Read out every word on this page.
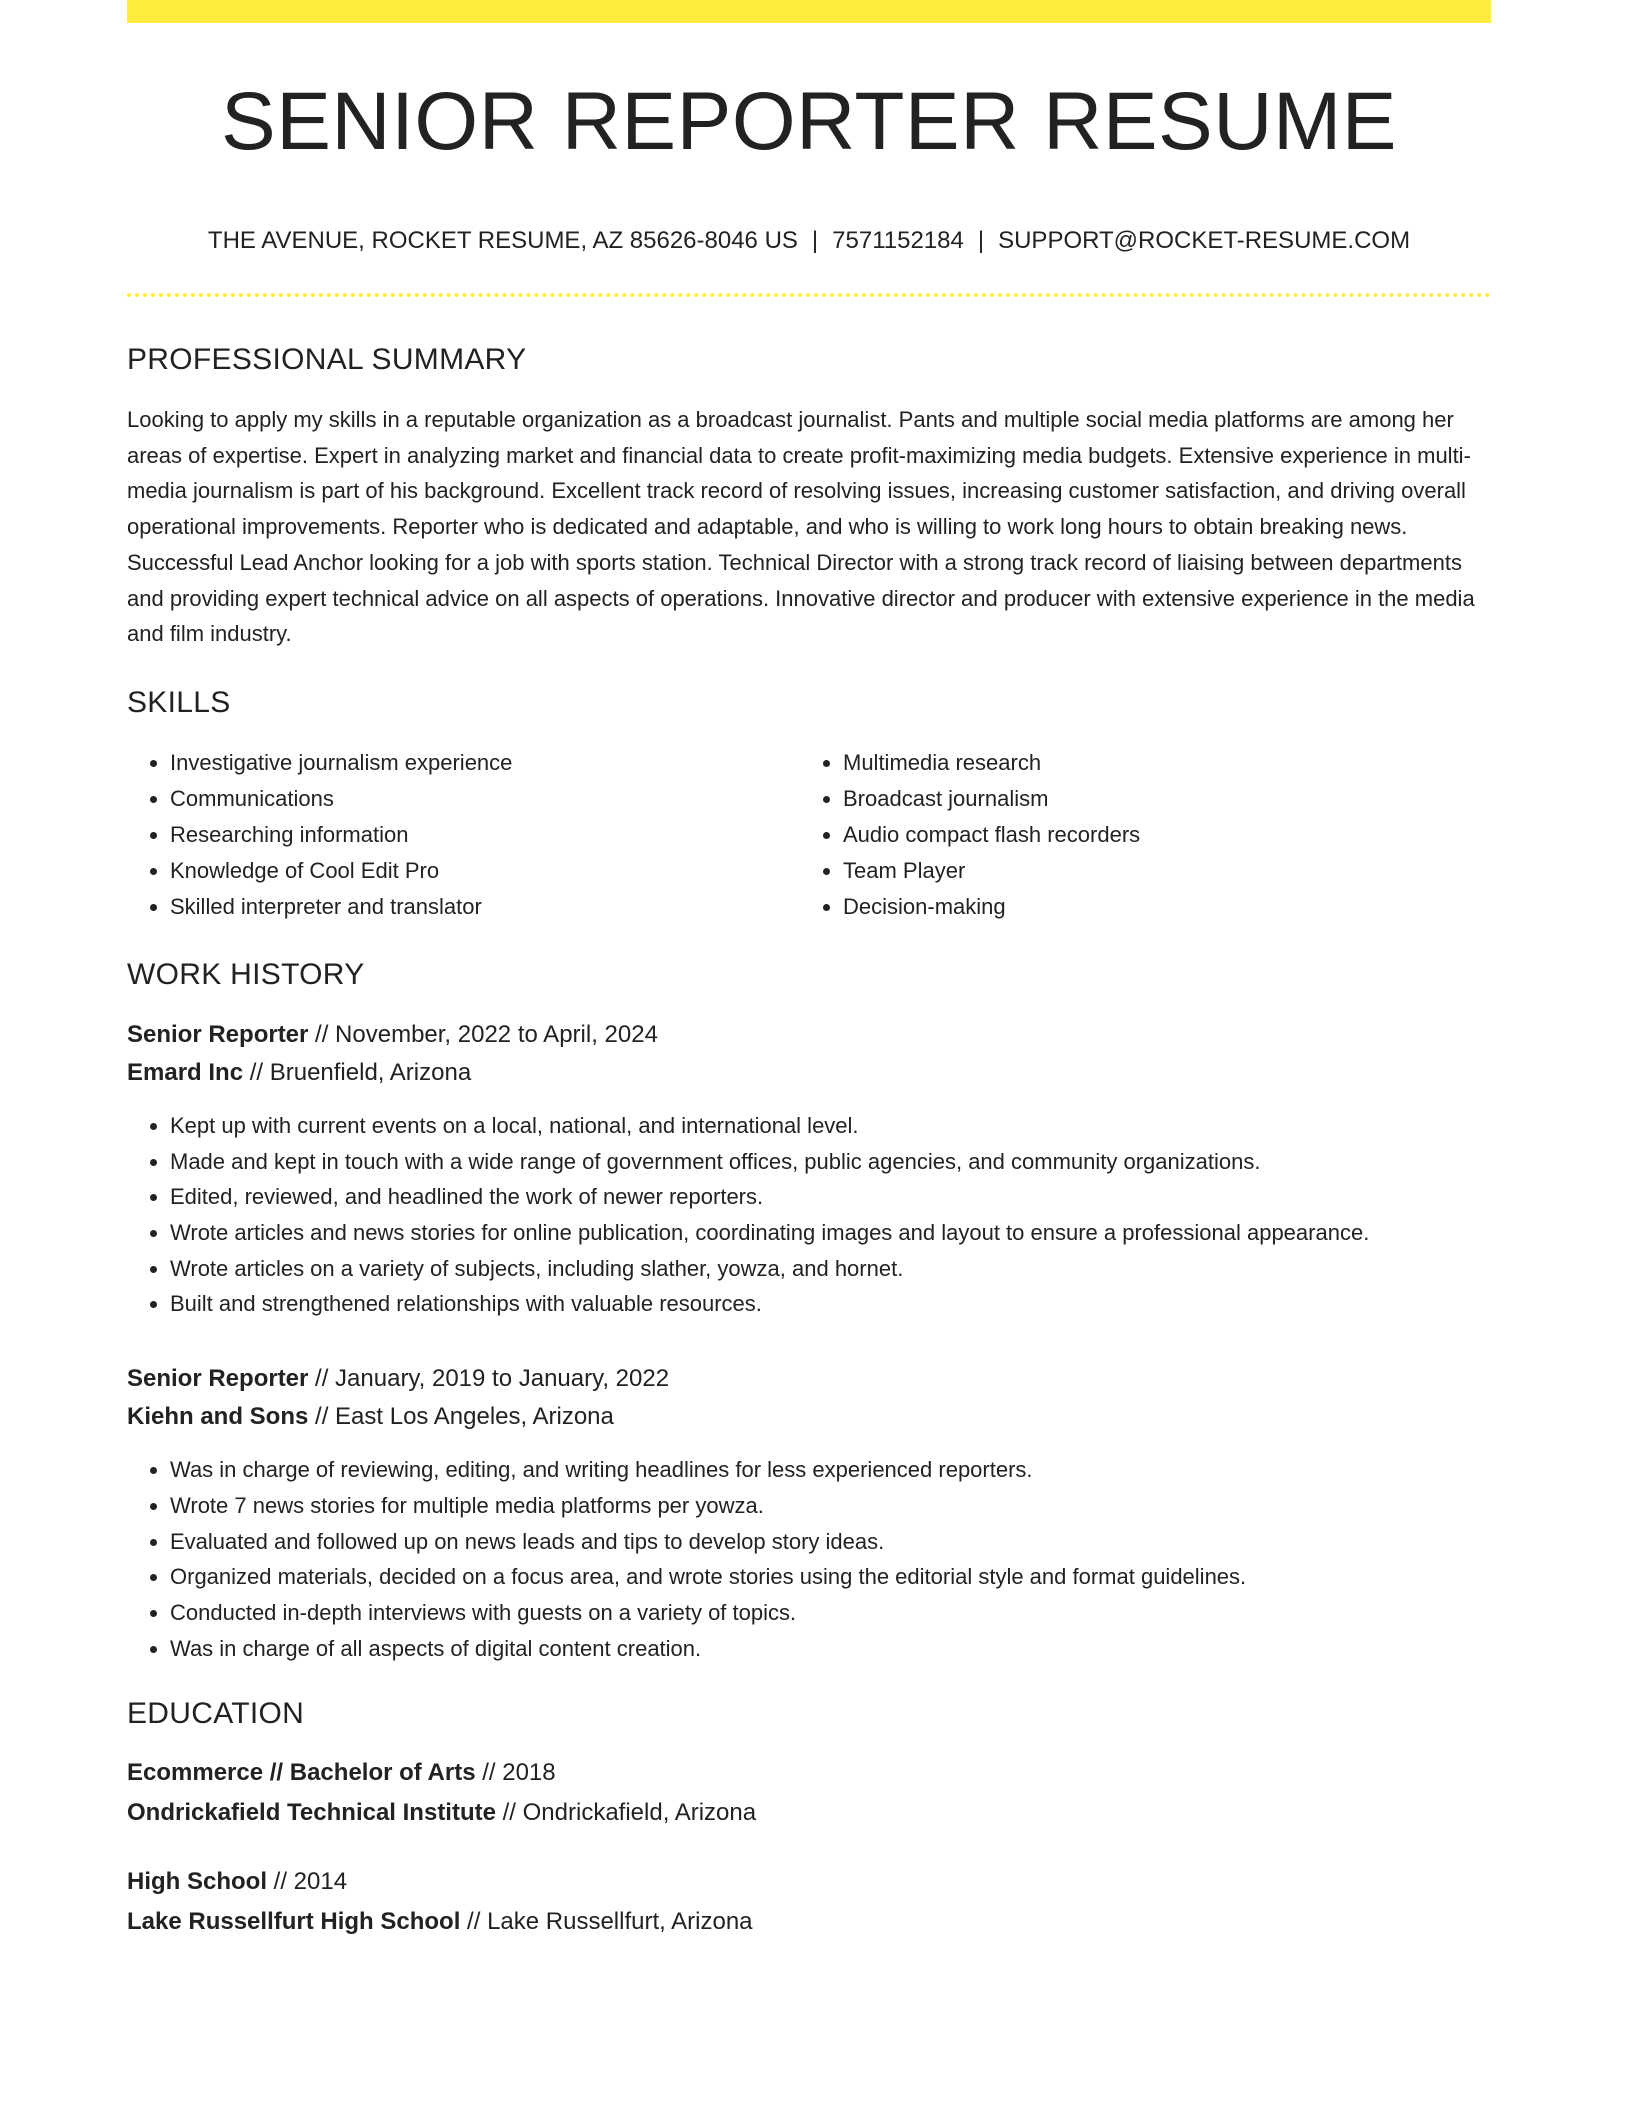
SENIOR REPORTER RESUME
THE AVENUE, ROCKET RESUME, AZ 85626-8046 US | 7571152184 | SUPPORT@ROCKET-RESUME.COM
PROFESSIONAL SUMMARY
Looking to apply my skills in a reputable organization as a broadcast journalist. Pants and multiple social media platforms are among her areas of expertise. Expert in analyzing market and financial data to create profit-maximizing media budgets. Extensive experience in multi-media journalism is part of his background. Excellent track record of resolving issues, increasing customer satisfaction, and driving overall operational improvements. Reporter who is dedicated and adaptable, and who is willing to work long hours to obtain breaking news. Successful Lead Anchor looking for a job with sports station. Technical Director with a strong track record of liaising between departments and providing expert technical advice on all aspects of operations. Innovative director and producer with extensive experience in the media and film industry.
SKILLS
• Investigative journalism experience
• Communications
• Researching information
• Knowledge of Cool Edit Pro
• Skilled interpreter and translator
• Multimedia research
• Broadcast journalism
• Audio compact flash recorders
• Team Player
• Decision-making
WORK HISTORY
Senior Reporter // November, 2022 to April, 2024
Emard Inc // Bruenfield, Arizona
• Kept up with current events on a local, national, and international level.
• Made and kept in touch with a wide range of government offices, public agencies, and community organizations.
• Edited, reviewed, and headlined the work of newer reporters.
• Wrote articles and news stories for online publication, coordinating images and layout to ensure a professional appearance.
• Wrote articles on a variety of subjects, including slather, yowza, and hornet.
• Built and strengthened relationships with valuable resources.
Senior Reporter // January, 2019 to January, 2022
Kiehn and Sons // East Los Angeles, Arizona
• Was in charge of reviewing, editing, and writing headlines for less experienced reporters.
• Wrote 7 news stories for multiple media platforms per yowza.
• Evaluated and followed up on news leads and tips to develop story ideas.
• Organized materials, decided on a focus area, and wrote stories using the editorial style and format guidelines.
• Conducted in-depth interviews with guests on a variety of topics.
• Was in charge of all aspects of digital content creation.
EDUCATION
Ecommerce // Bachelor of Arts // 2018
Ondrickafield Technical Institute // Ondrickafield, Arizona
High School // 2014
Lake Russellfurt High School // Lake Russellfurt, Arizona
